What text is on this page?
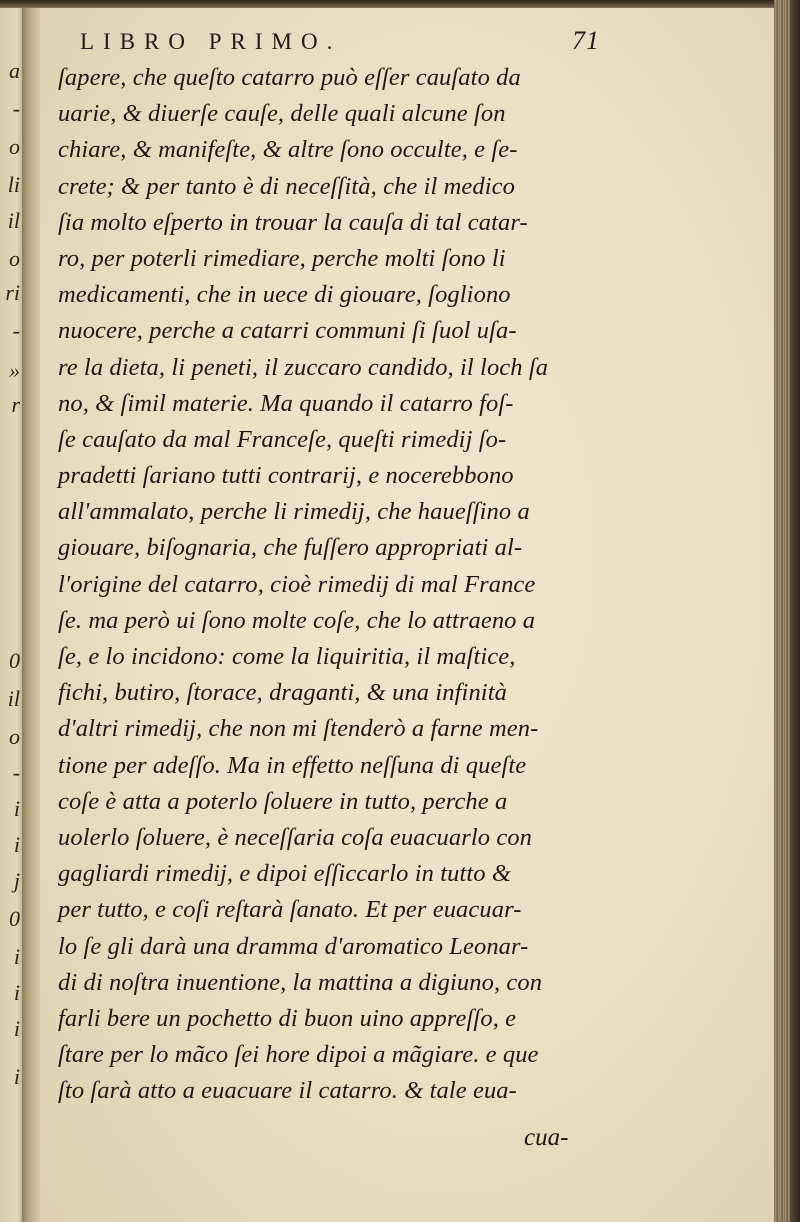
a
-
o
li
il
o
ri
-
»
r
0
il
o
-
i
i
j
0
i
i
i
i
LIBRO PRIMO.	71
ſapere, che queſto catarro può eſſer cauſato da
uarie, & diuerſe cauſe, delle quali alcune ſon
chiare, & manifeſte, & altre ſono occulte, e ſe-
crete; & per tanto è di neceſſità, che il medico
ſia molto eſperto in trouar la cauſa di tal catar-
ro, per poterli rimediare, perche molti ſono li
medicamenti, che in uece di giouare, ſogliono
nuocere, perche a catarri communi ſi ſuol uſa-
re la dieta, li peneti, il zuccaro candido, il loch ſa
no, & ſimil materie. Ma quando il catarro foſ-
ſe cauſato da mal Franceſe, queſti rimedij ſo-
pradetti ſariano tutti contrarij, e nocerebbono
all'ammalato, perche li rimedij, che haueſſino a
giouare, biſognaria, che fuſſero appropriati al-
l'origine del catarro, cioè rimedij di mal France
ſe. ma però ui ſono molte coſe, che lo attraeno a
ſe, e lo incidono: come la liquiritia, il maſtice,
fichi, butiro, ſtorace, draganti, & una infinità
d'altri rimedij, che non mi ſtenderò a farne men-
tione per adeſſo. Ma in effetto neſſuna di queſte
coſe è atta a poterlo ſoluere in tutto, perche a
uolerlo ſoluere, è neceſſaria coſa euacuarlo con
gagliardi rimedij, e dipoi eſſiccarlo in tutto &
per tutto, e coſi reſtarà ſanato. Et per euacuar-
lo ſe gli darà una dramma d'aromatico Leonar-
di di noſtra inuentione, la mattina a digiuno, con
farli bere un pochetto di buon uino appreſſo, e
ſtare per lo mãco ſei hore dipoi a mãgiare. e que
ſto ſarà atto a euacuare il catarro. & tale eua-
cua-
